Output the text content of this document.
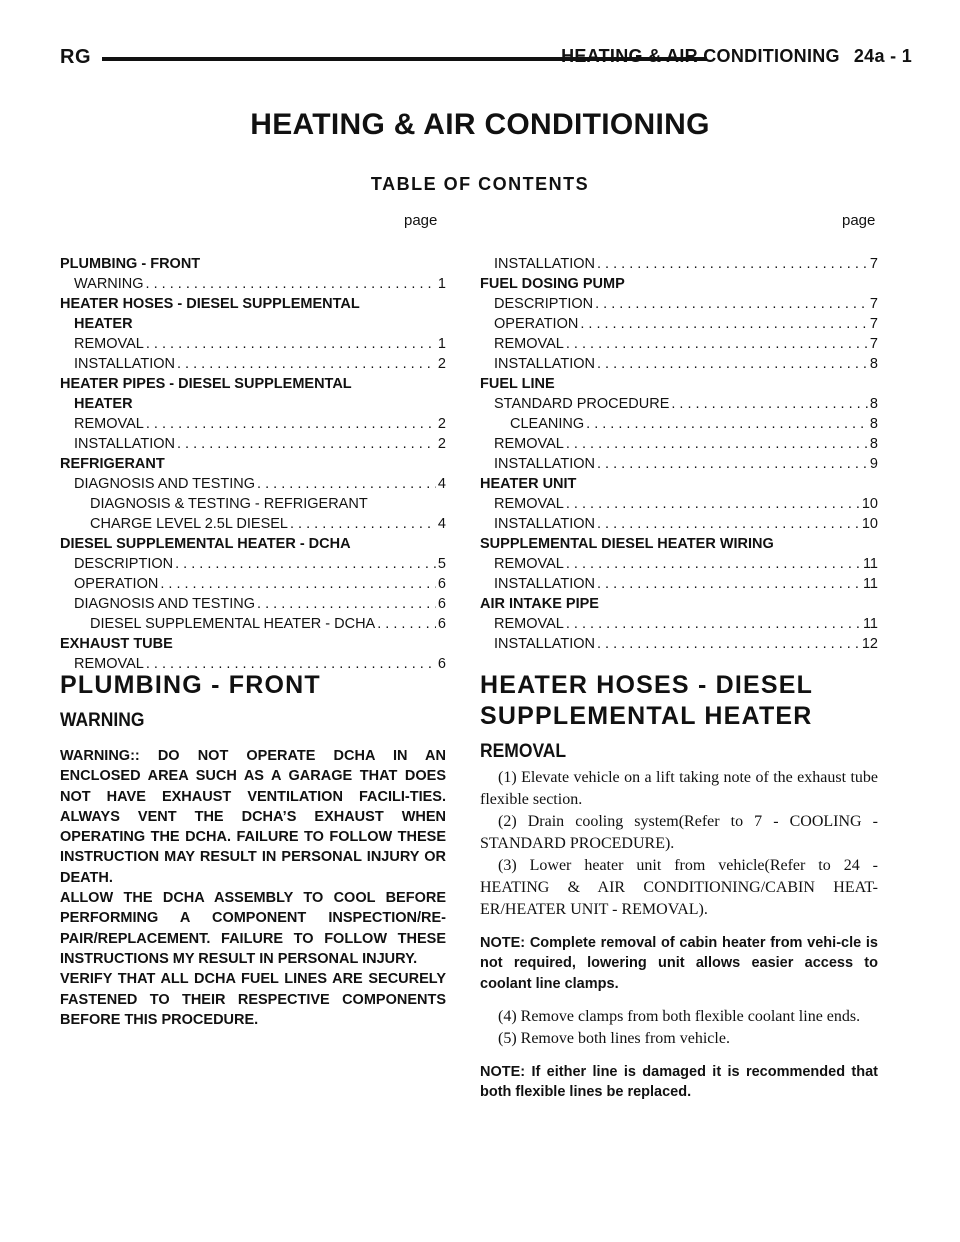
RG	HEATING & AIR CONDITIONING 24a - 1
HEATING & AIR CONDITIONING
TABLE OF CONTENTS
page	page
PLUMBING - FRONT
WARNING . . .	1
HEATER HOSES - DIESEL SUPPLEMENTAL
HEATER
REMOVAL . . .	1
INSTALLATION . . .	2
HEATER PIPES - DIESEL SUPPLEMENTAL
HEATER
REMOVAL . . .	2
INSTALLATION . . .	2
REFRIGERANT
DIAGNOSIS AND TESTING . . .	4
DIAGNOSIS & TESTING - REFRIGERANT
CHARGE LEVEL 2.5L DIESEL . . .	4
DIESEL SUPPLEMENTAL HEATER - DCHA
DESCRIPTION . . .	5
OPERATION . . .	6
DIAGNOSIS AND TESTING . . .	6
DIESEL SUPPLEMENTAL HEATER - DCHA . . .	6
EXHAUST TUBE
REMOVAL . . .	6
INSTALLATION . . .	7
FUEL DOSING PUMP
DESCRIPTION . . .	7
OPERATION . . .	7
REMOVAL . . .	7
INSTALLATION . . .	8
FUEL LINE
STANDARD PROCEDURE . . .	8
CLEANING . . .	8
REMOVAL . . .	8
INSTALLATION . . .	9
HEATER UNIT
REMOVAL . . .	10
INSTALLATION . . .	10
SUPPLEMENTAL DIESEL HEATER WIRING
REMOVAL . . .	11
INSTALLATION . . .	11
AIR INTAKE PIPE
REMOVAL . . .	11
INSTALLATION . . .	12
PLUMBING - FRONT
WARNING

WARNING:: DO NOT OPERATE DCHA IN AN ENCLOSED AREA SUCH AS A GARAGE THAT DOES NOT HAVE EXHAUST VENTILATION FACILI-TIES. ALWAYS VENT THE DCHA’S EXHAUST WHEN OPERATING THE DCHA. FAILURE TO FOLLOW THESE INSTRUCTION MAY RESULT IN PERSONAL INJURY OR DEATH.

ALLOW THE DCHA ASSEMBLY TO COOL BEFORE PERFORMING A COMPONENT INSPECTION/RE-PAIR/REPLACEMENT. FAILURE TO FOLLOW THESE INSTRUCTIONS MY RESULT IN PERSONAL INJURY.

VERIFY THAT ALL DCHA FUEL LINES ARE SECURELY FASTENED TO THEIR RESPECTIVE COMPONENTS BEFORE THIS PROCEDURE.

HEATER HOSES - DIESEL
SUPPLEMENTAL HEATER
REMOVAL

(1) Elevate vehicle on a lift taking note of the exhaust tube flexible section.

(2) Drain cooling system(Refer to 7 - COOLING - STANDARD PROCEDURE).

(3) Lower heater unit from vehicle(Refer to 24 - HEATING & AIR CONDITIONING/CABIN HEAT-ER/HEATER UNIT - REMOVAL).

NOTE: Complete removal of cabin heater from vehi-cle is not required, lowering unit allows easier access to coolant line clamps.

(4) Remove clamps from both flexible coolant line ends.

(5) Remove both lines from vehicle.

NOTE: If either line is damaged it is recommended that both flexible lines be replaced.
